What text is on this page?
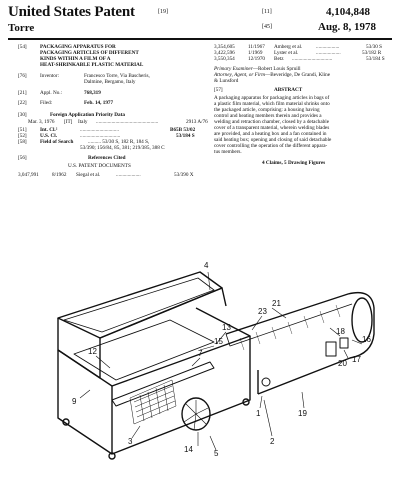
United States Patent	[19]
Torre
[11]	4,104,848
[45]	Aug. 8, 1978
[54]	PACKAGING APPARATUS FOR
PACKAGING ARTICLES OF DIFFERENT
KINDS WITHIN A FILM OF A
HEAT-SHRINKABLE PLASTIC MATERIAL
[76]	Inventor:	Francesco Torre, Via Bascheris,
Dalmine, Bergamo, Italy
[21]	Appl. No.:	768,319
[22]	Filed:	Feb. 14, 1977
[30]	Foreign Application Priority Data
Mar. 3, 1976	[IT]	Italy	................................................	2913 A/76
[51]	Int. Cl.²	..............................	B65B 53/02
[52]	U.S. Cl.	...............................	53/184 S
[58]	Field of Search	.......... 53/30 S, 182 R, 184 S,
53/390; 156/84, 85, 381; 219/385, 388 C
[56]	References Cited
U.S. PATENT DOCUMENTS
3,047,991	8/1962	Siegal et al.	...................	53/390 X
3,354,605	11/1967	Amberg et al.	..................	53/30 S
3,422,596	1/1969	Lyster et al.	...................	53/182 R
3,550,354	12/1970	Betz	...............................	53/184 S
Primary Examiner —Robert Louis Spruill
Attorney, Agent, or Firm —Beveridge, De Grandi, Kline
& Lunsford
[57]	ABSTRACT
A packaging apparatus for packaging articles in bags of
a plastic film material, which film material shrinks onto
the packaged article, comprising: a housing having
control and heating members therein and provides a
welding and retraction chamber, closed by a detachable
cover of a transparent material, wherein welding blades
are provided, and a heating box and a fan contained in
said heating box; opening and closing of said detachable
cover controlling the operation of the different appara-
tus members.
4 Claims, 5 Drawing Figures
4
23
21
13
15
7
18
16
12
9
3
14	5
1	19
20 17
2
